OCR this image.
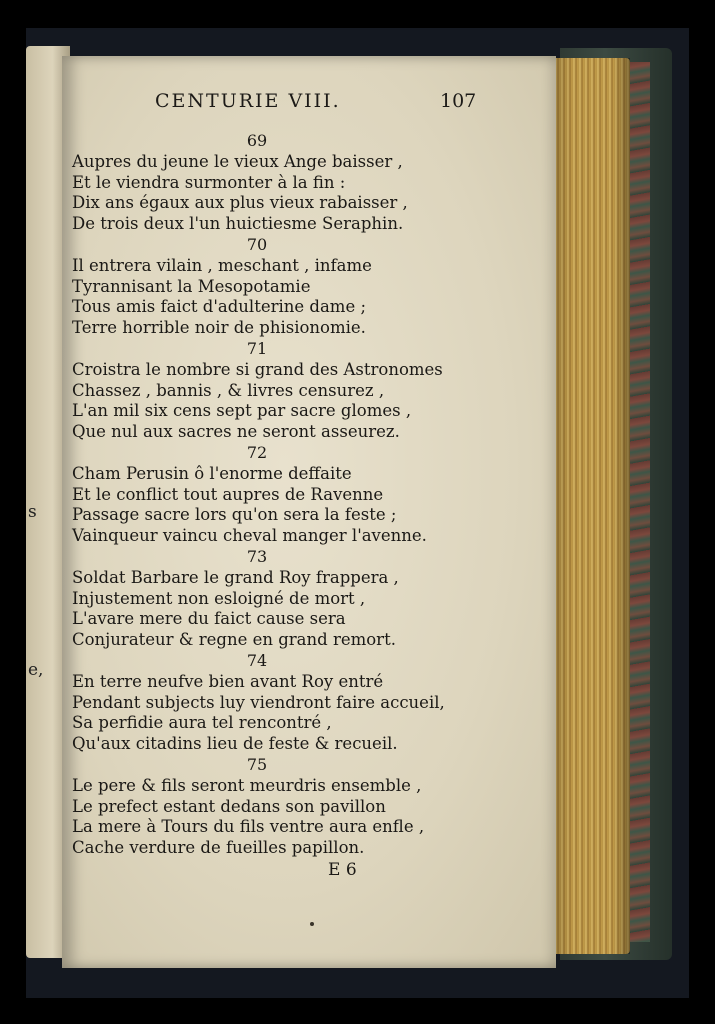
s
e,
CENTURIE VIII.	107
69
Aupres du jeune le vieux Ange baisser ,
Et le viendra surmonter à la fin :
Dix ans égaux aux plus vieux rabaisser ,
De trois deux l'un huictiesme Seraphin.
70
Il entrera vilain , meschant , infame
Tyrannisant la Mesopotamie
Tous amis faict d'adulterine dame ;
Terre horrible noir de phisionomie.
71
Croistra le nombre si grand des Astronomes
Chassez , bannis , & livres censurez ,
L'an mil six cens sept par sacre glomes ,
Que nul aux sacres ne seront asseurez.
72
Cham Perusin ô l'enorme deffaite
Et le conflict tout aupres de Ravenne
Passage sacre lors qu'on sera la feste ;
Vainqueur vaincu cheval manger l'avenne.
73
Soldat Barbare le grand Roy frappera ,
Injustement non esloigné de mort ,
L'avare mere du faict cause sera
Conjurateur & regne en grand remort.
74
En terre neufve bien avant Roy entré
Pendant subjects luy viendront faire accueil,
Sa perfidie aura tel rencontré ,
Qu'aux citadins lieu de feste & recueil.
75
Le pere & fils seront meurdris ensemble ,
Le prefect estant dedans son pavillon
La mere à Tours du fils ventre aura enfle ,
Cache verdure de fueilles papillon.
E 6
